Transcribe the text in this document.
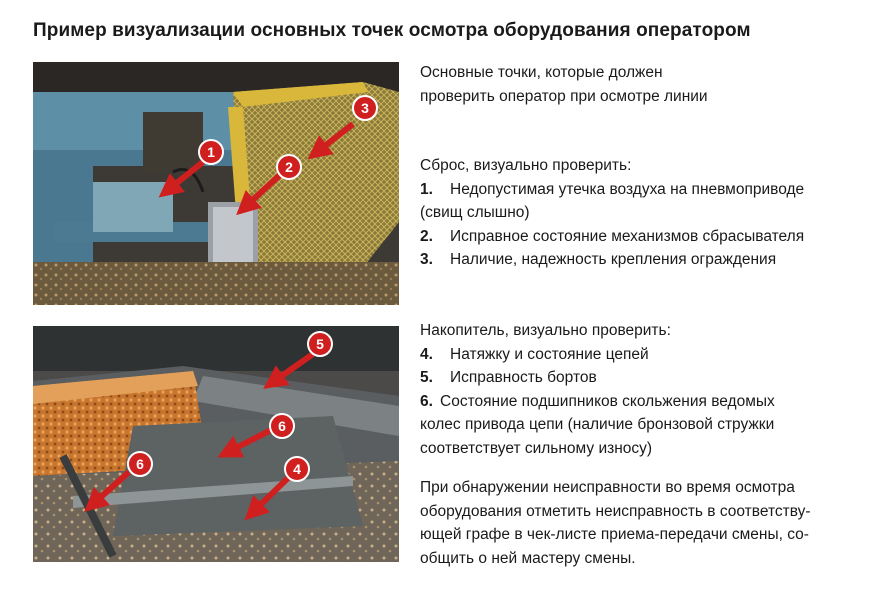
Пример визуализации основных точек осмотра оборудования оператором
1
2
3
5
6
6	4
Основные точки, которые должен
проверить оператор при осмотре линии
Сброс, визуально проверить:
1.	Недопустимая утечка воздуха на пневмоприводе
(свищ слышно)
2.	Исправное состояние механизмов сбрасывателя
3.	Наличие, надежность крепления ограждения
Накопитель, визуально проверить:
4.	Натяжку и состояние цепей
5.	Исправность бортов
6. Состояние подшипников скольжения ведомых
колес привода цепи (наличие бронзовой стружки
соответствует сильному износу)
При обнаружении неисправности во время осмотра
оборудования отметить неисправность в соответству-
ющей графе в чек-листе приема-передачи смены, со-
общить о ней мастеру смены.
